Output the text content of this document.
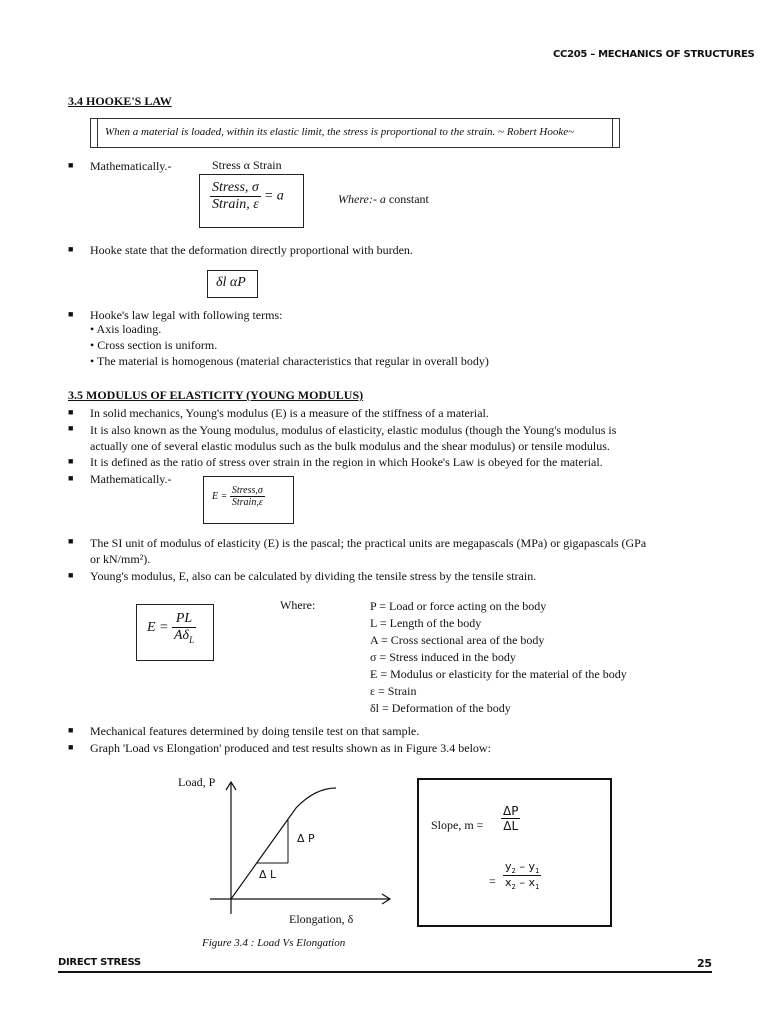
CC205 – MECHANICS OF STRUCTURES
3.4 HOOKE'S LAW
When a material is loaded, within its elastic limit, the stress is proportional to the strain. ~ Robert Hooke~
■ Mathematically.-	Stress α Strain
$\frac{\text{Stress, σ}}{\text{Strain, ε}} = a$	Where:- a constant
■ Hooke state that the deformation directly proportional with burden.
δl αP
■ Hooke's law legal with following terms:
• Axis loading.
• Cross section is uniform.
• The material is homogenous (material characteristics that regular in overall body)
3.5 MODULUS OF ELASTICITY (YOUNG MODULUS)
■ In solid mechanics, Young's modulus (E) is a measure of the stiffness of a material.
■ It is also known as the Young modulus, modulus of elasticity, elastic modulus (though the Young's modulus is
actually one of several elastic modulus such as the bulk modulus and the shear modulus) or tensile modulus.
■ It is defined as the ratio of stress over strain in the region in which Hooke's Law is obeyed for the material.
■ Mathematically.-
$E = \frac{\text{Stress,σ}}{\text{Strain,ε}}$
■ The SI unit of modulus of elasticity (E) is the pascal; the practical units are megapascals (MPa) or gigapascals (GPa
or kN/mm²).
■ Young's modulus, E, also can be calculated by dividing the tensile stress by the tensile strain.
$E = \frac{PL}{A\delta_L}$
Where:	P = Load or force acting on the body
L = Length of the body
A = Cross sectional area of the body
σ = Stress induced in the body
E = Modulus or elasticity for the material of the body
ε = Strain
δl = Deformation of the body
■ Mechanical features determined by doing tensile test on that sample.
■ Graph 'Load vs Elongation' produced and test results shown as in Figure 3.4 below:
Load, P
Δ P
Δ L
Elongation, δ
Figure 3.4 : Load Vs Elongation
Slope, $m = \frac{\Delta P}{\Delta L}$
= $\frac{y_2 - y_1}{x_2 - x_1}$
DIRECT STRESS	25
